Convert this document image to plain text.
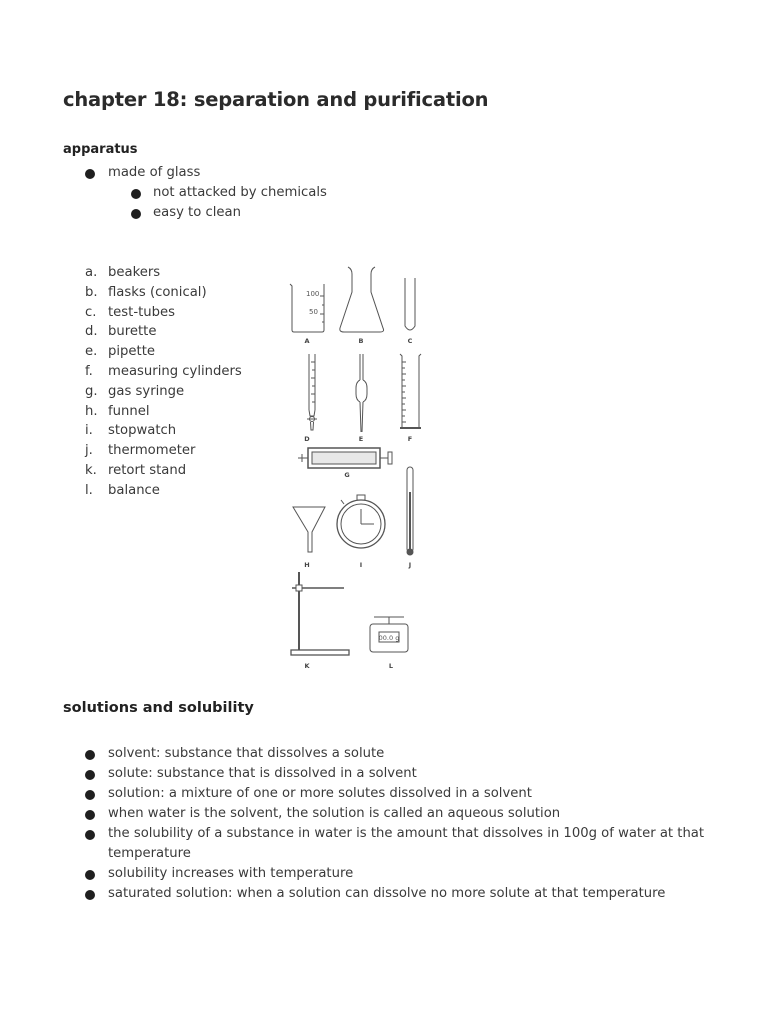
chapter 18: separation and purification
apparatus
made of glass
not attacked by chemicals
easy to clean
a. beakers
b. flasks (conical)
c. test-tubes
d. burette
e. pipette
f. measuring cylinders
g. gas syringe
h. funnel
i. stopwatch
j. thermometer
k. retort stand
l. balance
100
50
00.0 g
A	B	C
D	E	F
G
H	I	J
K	L
solutions and solubility
solvent: substance that dissolves a solute
solute: substance that is dissolved in a solvent
solution: a mixture of one or more solutes dissolved in a solvent
when water is the solvent, the solution is called an aqueous solution
the solubility of a substance in water is the amount that dissolves in 100g of water at that temperature
solubility increases with temperature
saturated solution: when a solution can dissolve no more solute at that temperature
